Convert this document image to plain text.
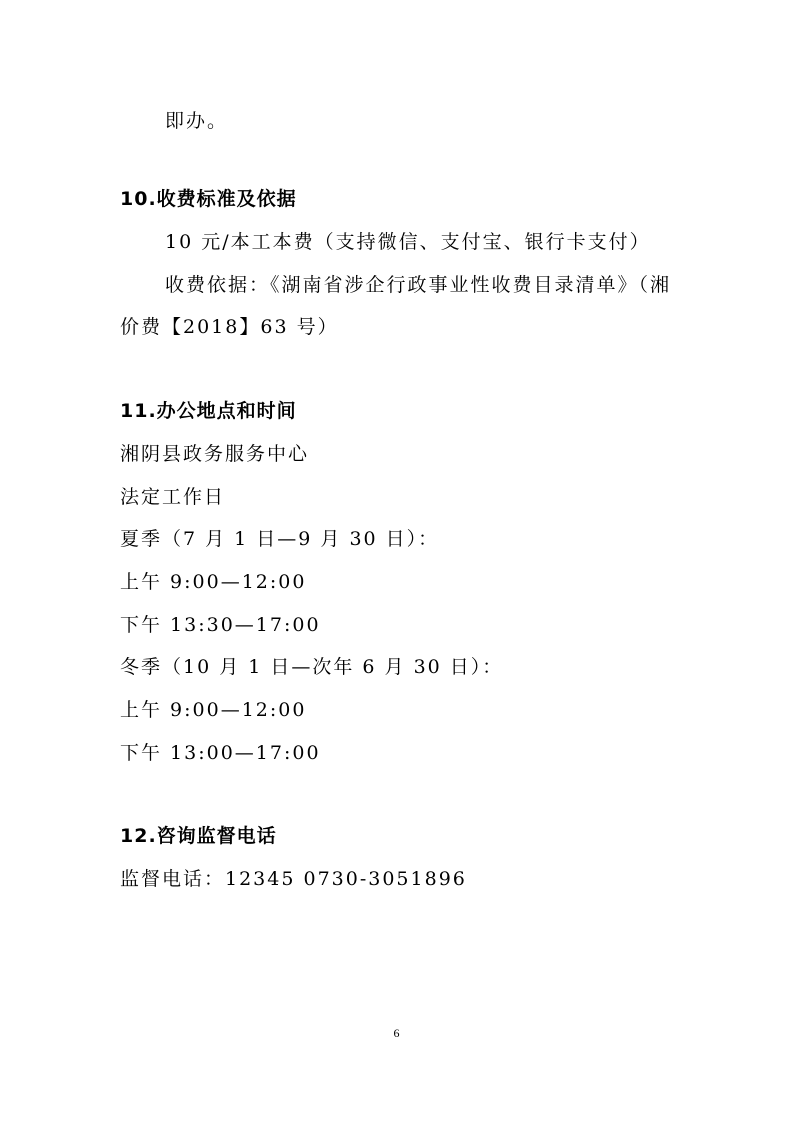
即办。
10.收费标准及依据
10 元/本工本费（支持微信、支付宝、银行卡支付）
收费依据：《湖南省涉企行政事业性收费目录清单》（湘
价费【2018】63 号）
11.办公地点和时间
湘阴县政务服务中心
法定工作日
夏季（7 月 1 日—9 月 30 日）：
上午 9:00—12:00
下午 13:30—17:00
冬季（10 月 1 日—次年 6 月 30 日）：
上午 9:00—12:00
下午 13:00—17:00
12.咨询监督电话
监督电话：12345 0730-3051896
6
